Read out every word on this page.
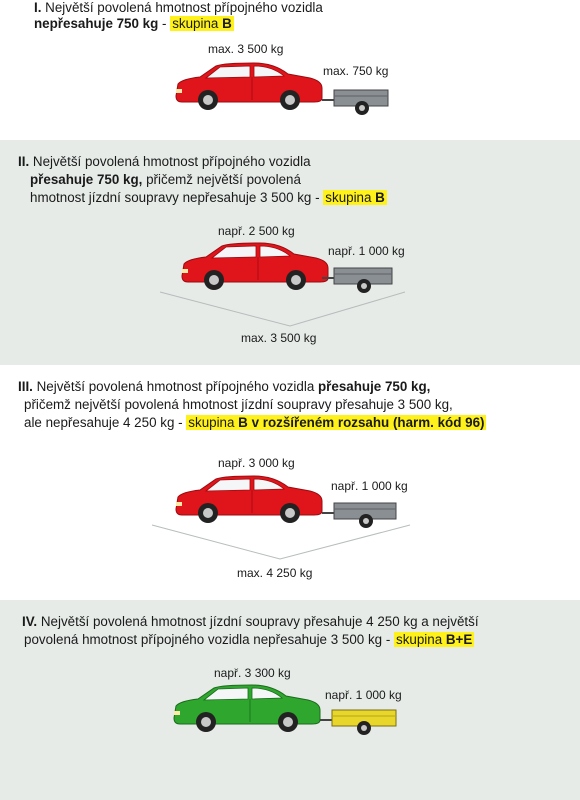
I. Největší povolená hmotnost přípojného vozidla
nepřesahuje 750 kg - skupina B
max. 3 500 kg
max. 750 kg
II. Největší povolená hmotnost přípojného vozidla
přesahuje 750 kg, přičemž největší povolená
hmotnost jízdní soupravy nepřesahuje 3 500 kg - skupina B
např. 2 500 kg
např. 1 000 kg
max. 3 500 kg
III. Největší povolená hmotnost přípojného vozidla přesahuje 750 kg,
přičemž největší povolená hmotnost jízdní soupravy přesahuje 3 500 kg,
ale nepřesahuje 4 250 kg - skupina B v rozšířeném rozsahu (harm. kód 96)
např. 3 000 kg
např. 1 000 kg
max. 4 250 kg
IV. Největší povolená hmotnost jízdní soupravy přesahuje 4 250 kg a největší
povolená hmotnost přípojného vozidla nepřesahuje 3 500 kg - skupina B+E
např. 3 300 kg
např. 1 000 kg
